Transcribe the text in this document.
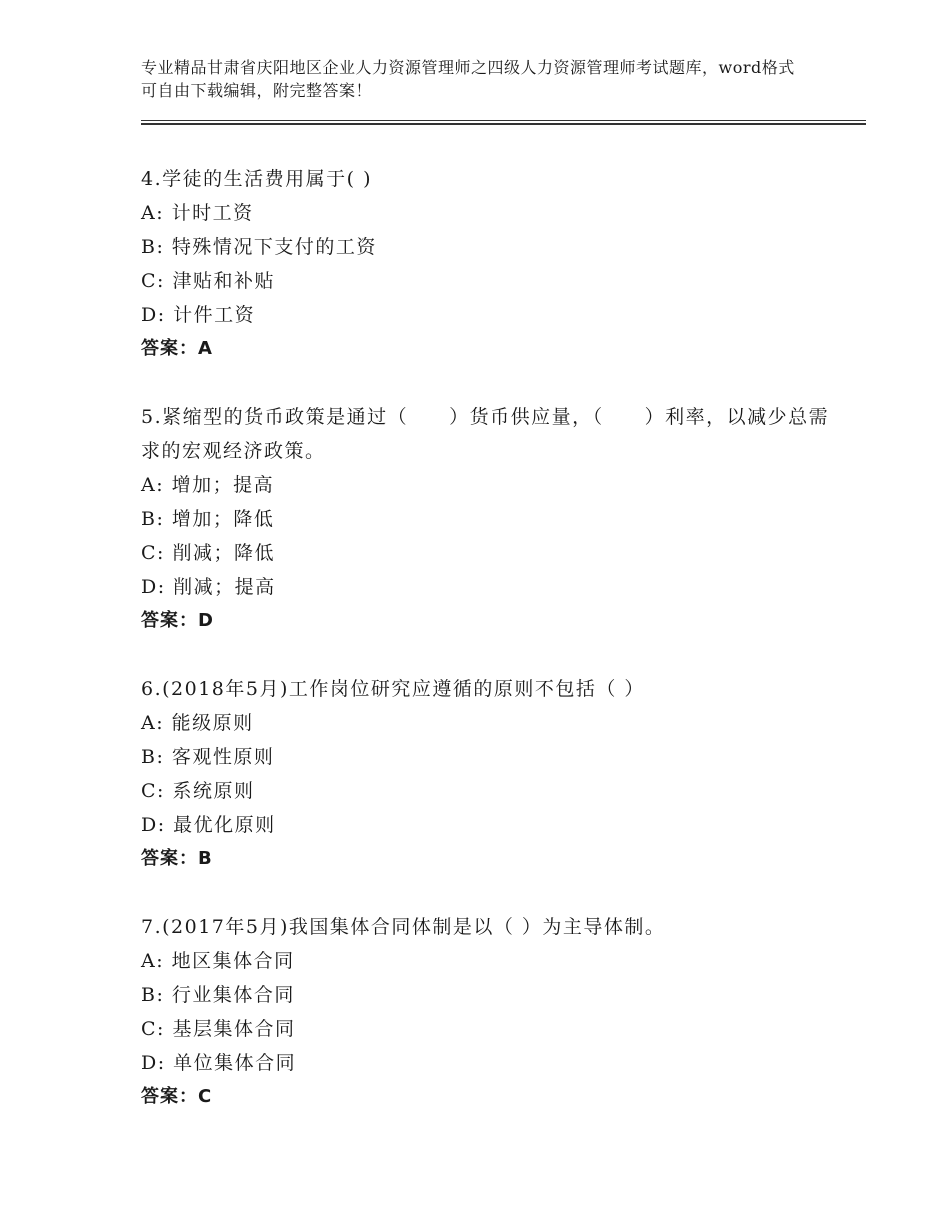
专业精品甘肃省庆阳地区企业人力资源管理师之四级人力资源管理师考试题库，word格式可自由下载编辑，附完整答案！

4.学徒的生活费用属于( )

A: 计时工资

B: 特殊情况下支付的工资

C: 津贴和补贴

D: 计件工资

答案：A

5.紧缩型的货币政策是通过（　　）货币供应量，（　　）利率，以减少总需求的宏观经济政策。

A: 增加；提高

B: 增加；降低

C: 削减；降低

D: 削减；提高

答案：D

6.(2018年5月)工作岗位研究应遵循的原则不包括（ ）

A: 能级原则

B: 客观性原则

C: 系统原则

D: 最优化原则

答案：B

7.(2017年5月)我国集体合同体制是以（ ）为主导体制。

A: 地区集体合同

B: 行业集体合同

C: 基层集体合同

D: 单位集体合同

答案：C
